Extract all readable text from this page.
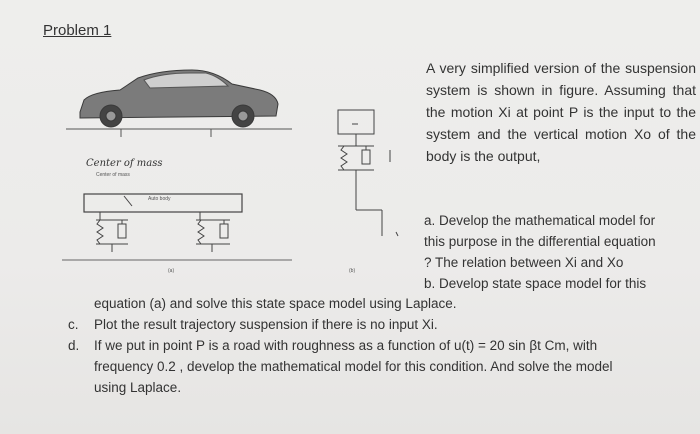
Problem 1
Center of mass
Center of mass
Auto body
(a)	(b)
A very simplified version of the suspension system is shown in figure. Assuming that the motion Xi at point P is the input to the system and the vertical motion Xo of the body is the output,
a. Develop the mathematical model for
this purpose in the differential equation
? The relation between Xi and Xo
b. Develop state space model for this
equation (a) and solve this state space model using Laplace.
c. Plot the result trajectory suspension if there is no input Xi.
d. If we put in point P is a road with roughness as a function of u(t) = 20 sin βt Cm, with
frequency 0.2 , develop the mathematical model for this condition. And solve the model
using Laplace.
